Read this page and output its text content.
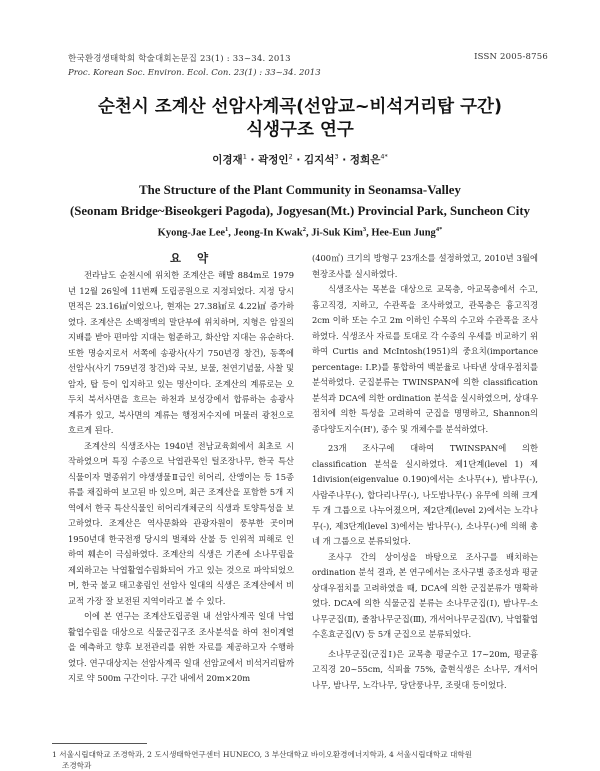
한국환경생태학회 학술대회논문집 23(1) : 33~34. 2013	ISSN 2005-8756
Proc. Korean Soc. Environ. Ecol. Con. 23(1) : 33~34. 2013
순천시 조계산 선암사계곡(선암교~비석거리탑 구간)
식생구조 연구
이경재$^1$ · 곽정인$^2$ · 김지석$^3$ · 정희은$^{4*}$
The Structure of the Plant Community in Seonamsa-Valley
(Seonam Bridge~Biseokgeri Pagoda), Jogyesan(Mt.) Provincial Park, Suncheon City
Kyong-Jae Lee$^1$, Jeong-In Kwak$^2$, Ji-Suk Kim$^3$, Hee-Eun Jung$^{4*}$
요 약

전라남도 순천시에 위치한 조계산은 해발 884m로 1979년 12월 26일에 11번째 도립공원으로 지정되었다. 지정 당시 면적은 23.16㎢이었으나, 현재는 27.38㎢로 4.22㎢ 증가하였다. 조계산은 소백정맥의 말단부에 위치하며, 지형은 암질의 지배를 받아 편마암 지대는 험준하고, 화산암 지대는 유순하다. 또한 명승지로서 서쪽에 송광사(사기 750년경 창건), 동쪽에 선암사(사기 759년경 창건)와 국보, 보물, 천연기념물, 사찰 및 암자, 탑 등이 입지하고 있는 명산이다. 조계산의 계류로는 오두치 북서사면을 흐르는 하천과 보성강에서 합류하는 송광사 계류가 있고, 북사면의 계류는 행정저수지에 머물러 광천으로 흐르게 된다.

조계산의 식생조사는 1940년 전남교육회에서 최초로 시작하였으며 특징 수종으로 낙엽관목인 털조장나무, 한국 특산식물이자 멸종위기 야생생물Ⅱ급인 히어리, 산앵이는 등 15종류를 채집하여 보고된 바 있으며, 최근 조계산을 포함한 5개 지역에서 한국 특산식물인 히어리개체군의 식생과 토양특성을 보고하였다. 조계산은 역사문화와 관광자원이 풍부한 곳이며 1950년대 한국전쟁 당시의 벌채와 산불 등 인위적 피해로 인하여 훼손이 극심하였다. 조계산의 식생은 기존에 소나무림을 제외하고는 낙엽활엽수림화되어 가고 있는 것으로 파악되었으며, 한국 불교 태고총림인 선암사 일대의 식생은 조계산에서 비교적 가장 잘 보전된 지역이라고 볼 수 있다.

이에 본 연구는 조계산도립공원 내 선암사계곡 일대 낙엽활엽수림을 대상으로 식물군집구조 조사분석을 하여 천이계열을 예측하고 향후 보전관리를 위한 자료를 제공하고자 수행하였다. 연구대상지는 선암사계곡 일대 선암교에서 비석거리탑까지로 약 500m 구간이다. 구간 내에서 20m×20m

(400㎡) 크기의 방형구 23개소를 설정하였고, 2010년 3월에 현장조사를 실시하였다.

식생조사는 목본을 대상으로 교목층, 아교목층에서 수고, 흉고직경, 지하고, 수관폭을 조사하였고, 관목층은 흉고직경 2cm 이하 또는 수고 2m 이하인 수목의 수고와 수관폭을 조사하였다. 식생조사 자료를 토대로 각 수종의 우세를 비교하기 위하여 Curtis and McIntosh(1951)의 중요치(importance percentage: I.P.)를 통합하여 백분율로 나타낸 상대우점치를 분석하였다. 군집분류는 TWINSPAN에 의한 classification 분석과 DCA에 의한 ordination 분석을 실시하였으며, 상대우점치에 의한 특성을 고려하여 군집을 명명하고, Shannon의 종다양도지수(H'), 종수 및 개체수를 분석하였다.

23개 조사구에 대하여 TWINSPAN에 의한 classification 분석을 실시하였다. 제1단계(level 1) 제1division(eigenvalue 0.190)에서는 소나무(+), 밤나무(-), 사람주나무(-), 합다리나무(-), 나도밤나무(-) 유무에 의해 크게 두 개 그룹으로 나누어졌으며, 제2단계(level 2)에서는 노각나무(-), 제3단계(level 3)에서는 밤나무(-), 소나무(-)에 의해 총 네 개 그룹으로 분류되었다.

조사구 간의 상이성을 바탕으로 조사구를 배치하는 ordination 분석 결과, 본 연구에서는 조사구별 종조성과 평균상대우점치를 고려하였을 때, DCA에 의한 군집분류가 명확하였다. DCA에 의한 식물군집 분류는 소나무군집(Ⅰ), 밤나무-소나무군집(Ⅱ), 졸참나무군집(Ⅲ), 개서어나무군집(Ⅳ), 낙엽활엽수혼효군집(Ⅴ) 등 5개 군집으로 분류되었다.

소나무군집(군집Ⅰ)은 교목층 평균수고 17~20m, 평균흉고직경 20~55cm, 식피율 75%, 출현식생은 소나무, 개서어나무, 밤나무, 노각나무, 당단풍나무, 조릿대 등이었다.

1 서울시립대학교 조경학과, 2 도시생태학연구센터 HUNECO, 3 부산대학교 바이오환경에너지학과, 4 서울시립대학교 대학원
조경학과
